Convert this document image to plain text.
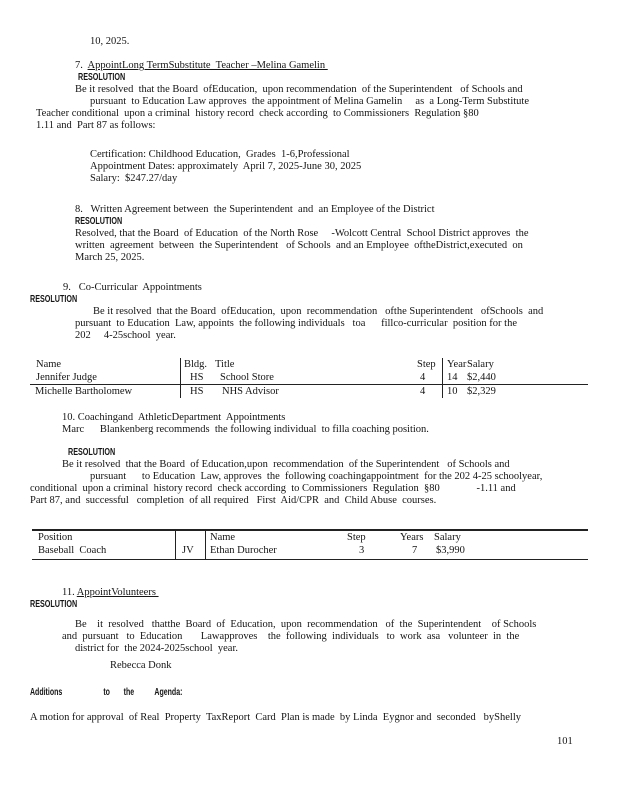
10, 2025.
7.  AppointLong TermSubstitute  Teacher –Melina Gamelin
RESOLUTION
Be it resolved  that the Board  ofEducation,  upon recommendation  of the Superintendent   of Schools and
pursuant  to Education Law approves  the appointment of Melina Gamelin     as  a Long-Term Substitute
Teacher conditional  upon a criminal  history record  check according  to Commissioners  Regulation §80
1.11 and  Part 87 as follows:
Certification: Childhood Education,  Grades  1-6,Professional
Appointment Dates: approximately  April 7, 2025-June 30, 2025
Salary:  $247.27/day
8.   Written Agreement between  the Superintendent  and  an Employee of the District
RESOLUTION
Resolved, that the Board  of Education  of the North Rose     -Wolcott Central  School District approves  the
written  agreement  between  the Superintendent   of Schools  and an Employee  oftheDistrict,executed  on
March 25, 2025.
9.   Co-Curricular  Appointments
RESOLUTION
Be it resolved  that the Board  ofEducation,  upon  recommendation   ofthe Superintendent   ofSchools  and
pursuant  to Education  Law, appoints  the following individuals   toa      fillco-curricular  position for the
202     4-25school  year.
Name	Bldg. Title	Step Year Salary
Jennifer Judge	HS School Store	4 14 $2,440
Michelle Bartholomew	HS NHS Advisor	4 10 $2,329
10. Coachingand  AthleticDepartment  Appointments
Marc      Blankenberg recommends  the following individual  to filla coaching position.
RESOLUTION
Be it resolved  that the Board  of Education,upon  recommendation  of the Superintendent   of Schools and
pursuant      to Education  Law, approves  the  following coachingappointment  for the 202 4-25 schoolyear,
conditional  upon a criminal  history record  check according  to Commissioners  Regulation  §80              -1.11 and
Part 87, and  successful   completion  of all required   First  Aid/CPR  and  Child Abuse  courses.
Position	Name	Step	Years Salary
Baseball  Coach	JV Ethan Durocher	3	7 $3,990
11. AppointVolunteers
RESOLUTION
Be    it  resolved   thatthe  Board  of  Education,  upon  recommendation   of  the  Superintendent    of Schools
and  pursuant   to  Education       Lawapproves    the  following  individuals   to  work  asa   volunteer  in  the
district for  the 2024-2025school  year.
Rebecca Donk
Additions      to  the   Agenda:
A motion for approval  of Real  Property  TaxReport  Card  Plan is made  by Linda  Eygnor and  seconded   byShelly
101
